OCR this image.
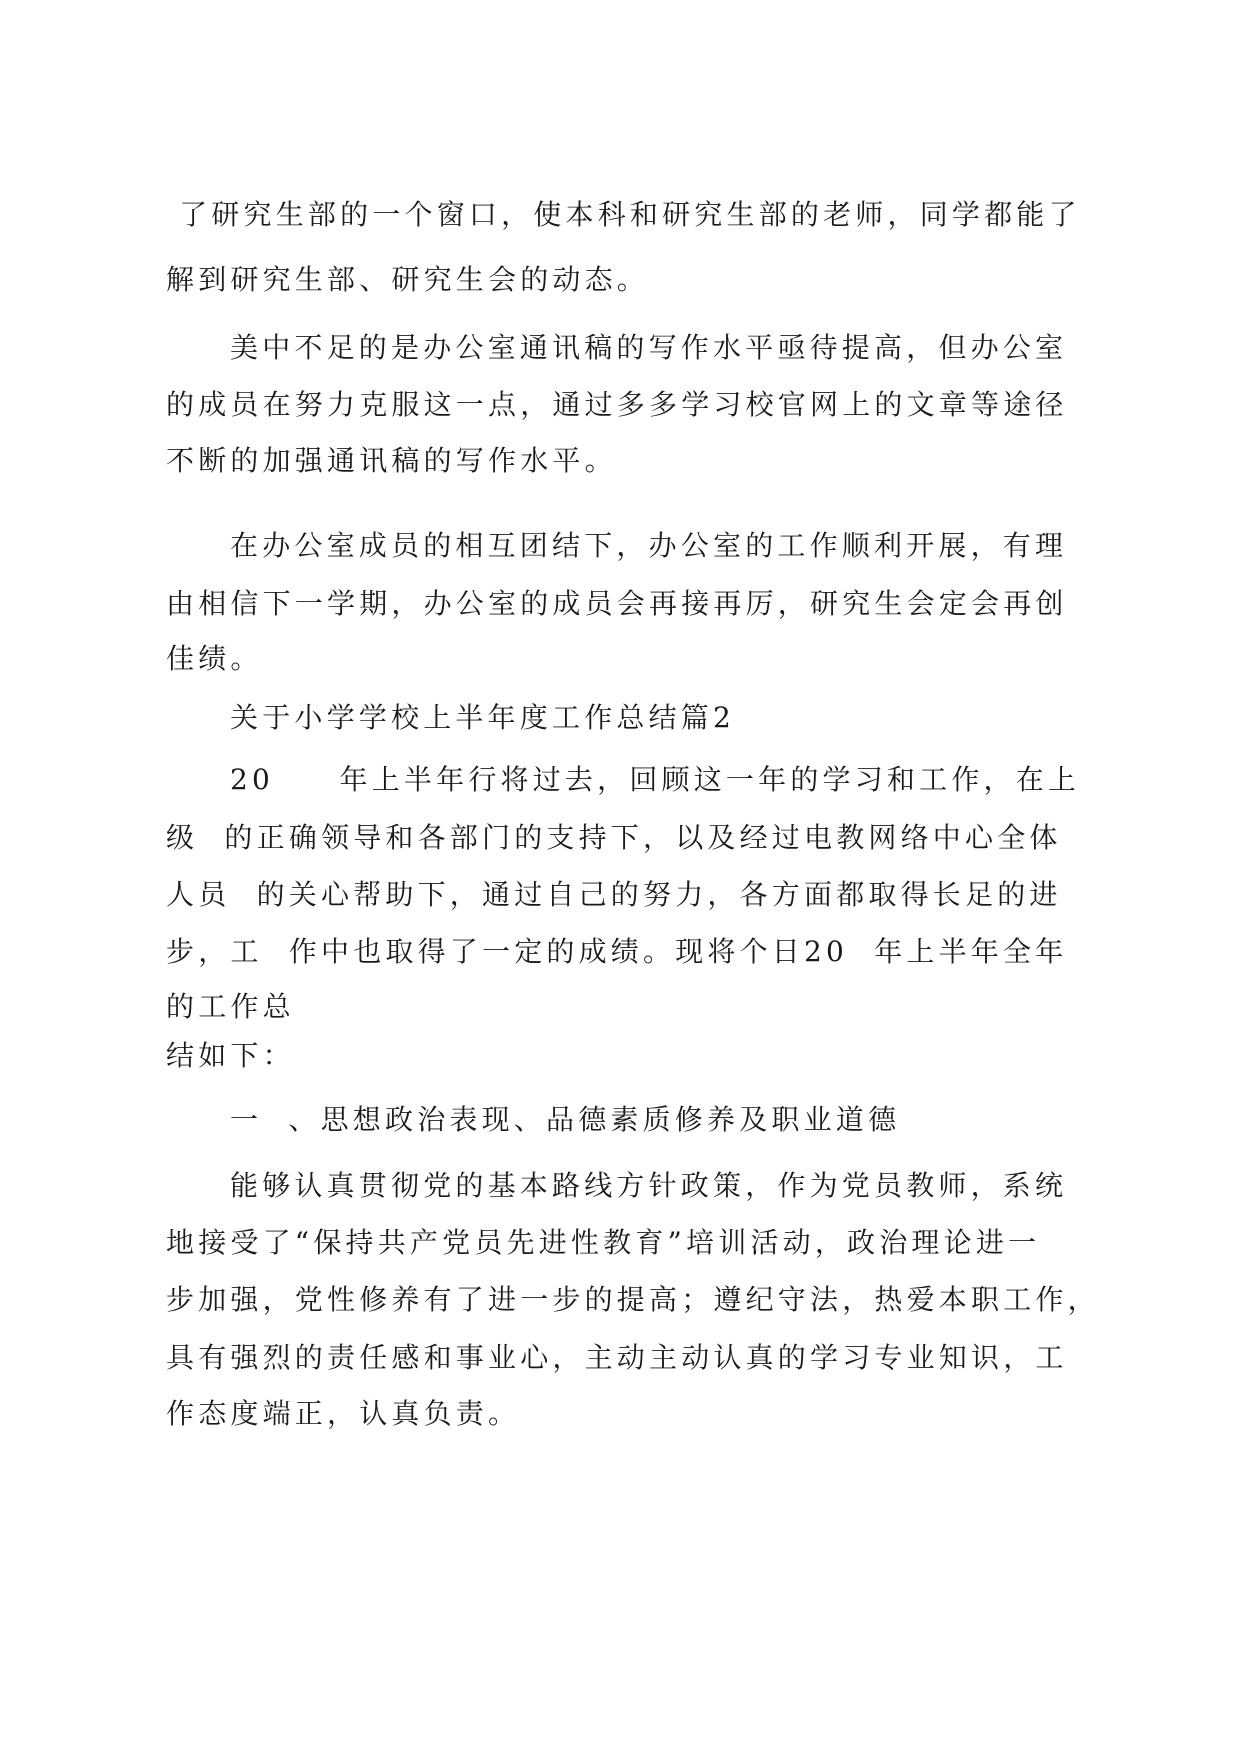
了研究生部的一个窗口，使本科和研究生部的老师，同学都能了
解到研究生部、研究生会的动态。
美中不足的是办公室通讯稿的写作水平亟待提高，但办公室
的成员在努力克服这一点，通过多多学习校官网上的文章等途径
不断的加强通讯稿的写作水平。
在办公室成员的相互团结下，办公室的工作顺利开展，有理
由相信下一学期，办公室的成员会再接再厉，研究生会定会再创
佳绩。
关于小学学校上半年度工作总结篇2
20     年上半年行将过去，回顾这一年的学习和工作，在上
级  的正确领导和各部门的支持下，以及经过电教网络中心全体
人员  的关心帮助下，通过自己的努力，各方面都取得长足的进
步，工  作中也取得了一定的成绩。现将个日20  年上半年全年
的工作总
结如下：
一  、思想政治表现、品德素质修养及职业道德
能够认真贯彻党的基本路线方针政策，作为党员教师，系统
地接受了“保持共产党员先进性教育”培训活动，政治理论进一
步加强，党性修养有了进一步的提高；遵纪守法，热爱本职工作，
具有强烈的责任感和事业心，主动主动认真的学习专业知识，工
作态度端正，认真负责。
